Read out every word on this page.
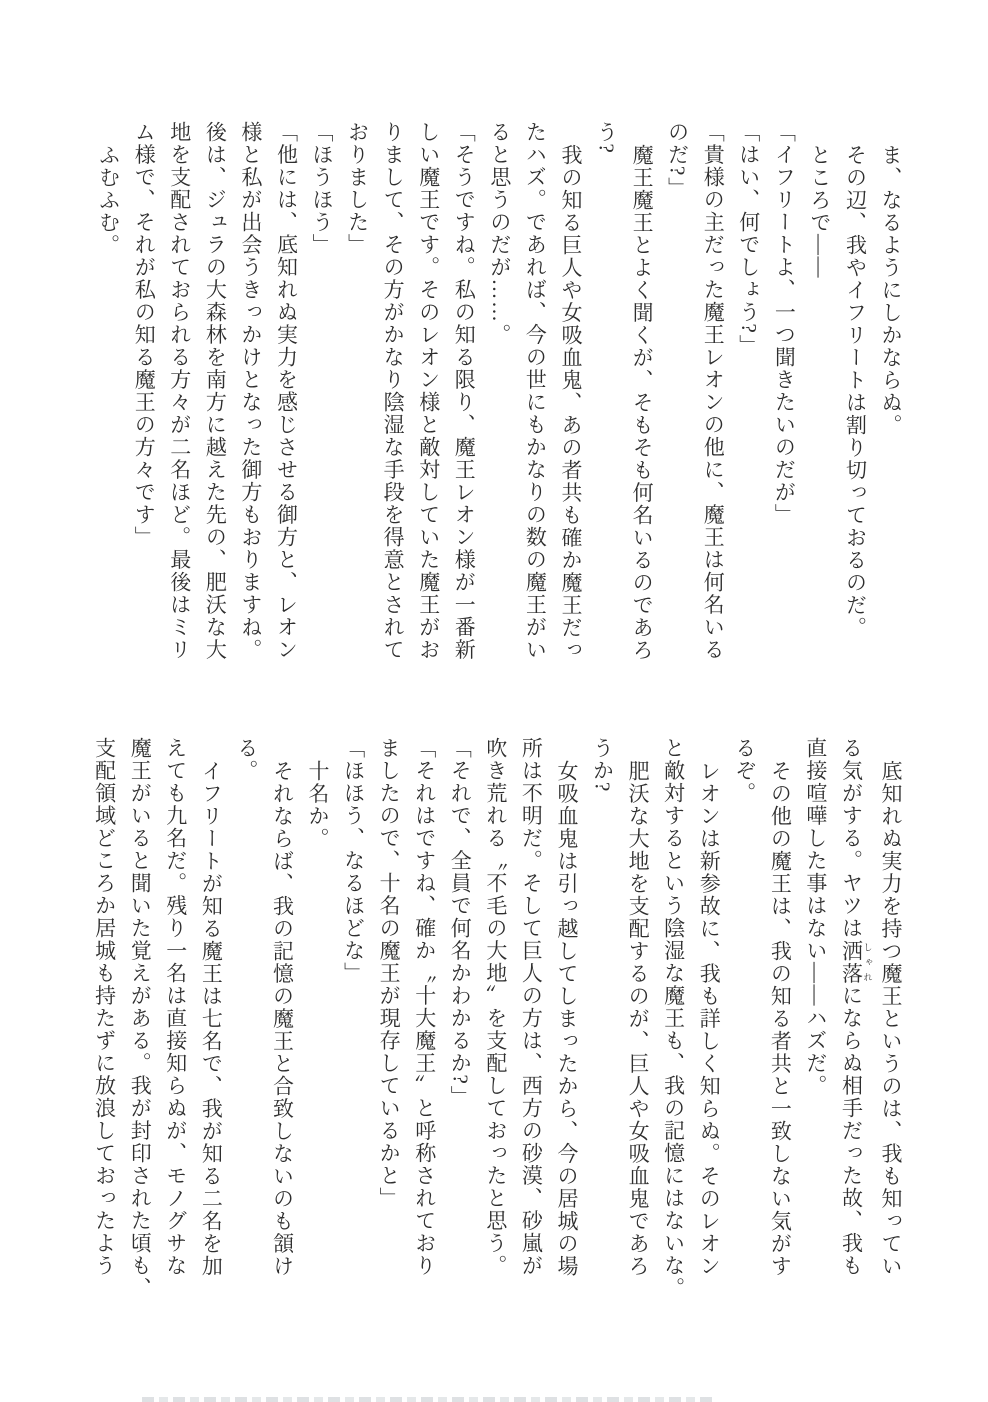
ま、なるようにしかならぬ。

その辺、我やイフリートは割り切っておるのだ。

ところで――

「イフリートよ、一つ聞きたいのだが」

「はい、何でしょう?」

「貴様の主だった魔王レオンの他に、魔王は何名いる

のだ?」

魔王魔王とよく聞くが、そもそも何名いるのであろ

う?

我の知る巨人や女吸血鬼、あの者共も確か魔王だっ

たハズ。であれば、今の世にもかなりの数の魔王がい

ると思うのだが……。

「そうですね。私の知る限り、魔王レオン様が一番新

しい魔王です。そのレオン様と敵対していた魔王がお

りまして、その方がかなり陰湿な手段を得意とされて

おりました」

「ほうほう」

「他には、底知れぬ実力を感じさせる御方と、レオン

様と私が出会うきっかけとなった御方もおりますね。

後は、ジュラの大森林を南方に越えた先の、肥沃な大

地を支配されておられる方々が二名ほど。最後はミリ

ム様で、それが私の知る魔王の方々です」

ふむふむ。

底知れぬ実力を持つ魔王というのは、我も知ってい

る気がする。ヤツは洒落 しゃれにならぬ相手だった故、我も

直接喧嘩した事はない――ハズだ。

その他の魔王は、我の知る者共と一致しない気がす

るぞ。

レオンは新参故に、我も詳しく知らぬ。そのレオン

と敵対するという陰湿な魔王も、我の記憶にはないな。

肥沃な大地を支配するのが、巨人や女吸血鬼であろ

うか?

女吸血鬼は引っ越してしまったから、今の居城の場

所は不明だ。そして巨人の方は、西方の砂漠、砂嵐が

吹き荒れる〝不毛の大地〟を支配しておったと思う。

「それで、全員で何名かわかるか?」

「それはですね、確か〝十大魔王〟と呼称されており

ましたので、十名の魔王が現存しているかと」

「ほほう、なるほどな」

十名か。

それならば、我の記憶の魔王と合致しないのも頷け

る。

イフリートが知る魔王は七名で、我が知る二名を加

えても九名だ。残り一名は直接知らぬが、モノグサな

魔王がいると聞いた覚えがある。我が封印された頃も、

支配領域どころか居城も持たずに放浪しておったよう
